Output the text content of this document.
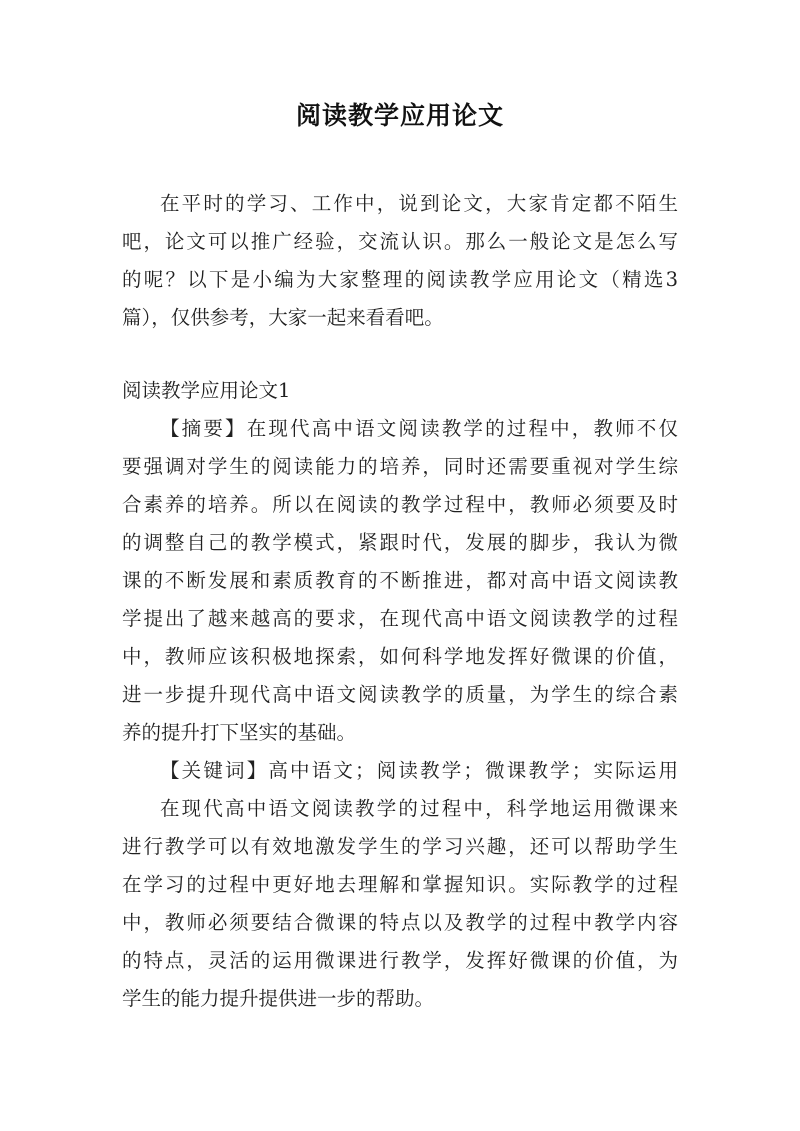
阅读教学应用论文
在平时的学习、工作中，说到论文，大家肯定都不陌生
吧，论文可以推广经验，交流认识。那么一般论文是怎么写
的呢？以下是小编为大家整理的阅读教学应用论文（精选3
篇），仅供参考，大家一起来看看吧。
阅读教学应用论文1
【摘要】在现代高中语文阅读教学的过程中，教师不仅
要强调对学生的阅读能力的培养，同时还需要重视对学生综
合素养的培养。所以在阅读的教学过程中，教师必须要及时
的调整自己的教学模式，紧跟时代，发展的脚步，我认为微
课的不断发展和素质教育的不断推进，都对高中语文阅读教
学提出了越来越高的要求，在现代高中语文阅读教学的过程
中，教师应该积极地探索，如何科学地发挥好微课的价值，
进一步提升现代高中语文阅读教学的质量，为学生的综合素
养的提升打下坚实的基础。
【关键词】高中语文；阅读教学；微课教学；实际运用
在现代高中语文阅读教学的过程中，科学地运用微课来
进行教学可以有效地激发学生的学习兴趣，还可以帮助学生
在学习的过程中更好地去理解和掌握知识。实际教学的过程
中，教师必须要结合微课的特点以及教学的过程中教学内容
的特点，灵活的运用微课进行教学，发挥好微课的价值，为
学生的能力提升提供进一步的帮助。
